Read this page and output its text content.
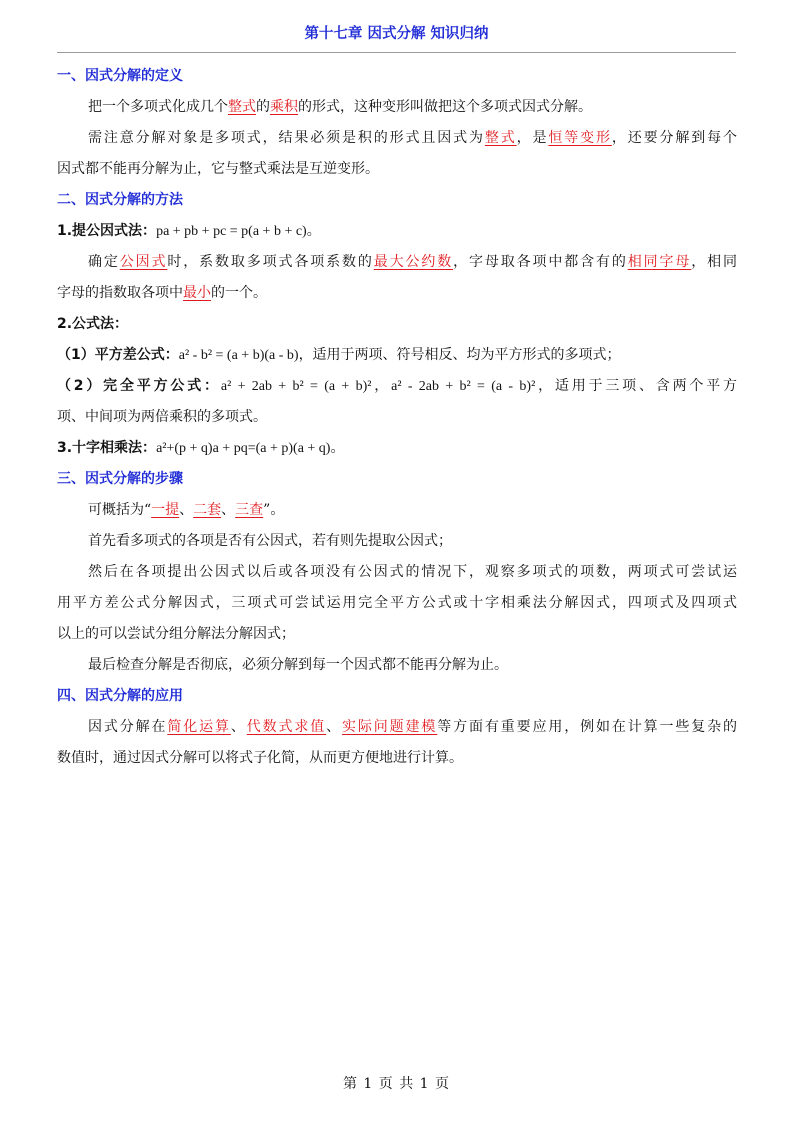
第十七章 因式分解 知识归纳
一、因式分解的定义
把一个多项式化成几个整式的乘积的形式，这种变形叫做把这个多项式因式分解。
需注意分解对象是多项式，结果必须是积的形式且因式为整式，是恒等变形，还要分解到每个
因式都不能再分解为止，它与整式乘法是互逆变形。
二、因式分解的方法
1.提公因式法：pa + pb + pc = p(a + b + c)。
确定公因式时，系数取多项式各项系数的最大公约数，字母取各项中都含有的相同字母，相同
字母的指数取各项中最小的一个。
2.公式法：
（1）平方差公式：a² - b² = (a + b)(a - b)，适用于两项、符号相反、均为平方形式的多项式；
（2）完全平方公式：a² + 2ab + b² = (a + b)²，a² - 2ab + b² = (a - b)²，适用于三项、含两个平方
项、中间项为两倍乘积的多项式。
3.十字相乘法：a²+(p + q)a + pq=(a + p)(a + q)。
三、因式分解的步骤
可概括为“一提、二套、三查”。
首先看多项式的各项是否有公因式，若有则先提取公因式；
然后在各项提出公因式以后或各项没有公因式的情况下，观察多项式的项数，两项式可尝试运
用平方差公式分解因式，三项式可尝试运用完全平方公式或十字相乘法分解因式，四项式及四项式
以上的可以尝试分组分解法分解因式；
最后检查分解是否彻底，必须分解到每一个因式都不能再分解为止。
四、因式分解的应用
因式分解在简化运算、代数式求值、实际问题建模等方面有重要应用，例如在计算一些复杂的
数值时，通过因式分解可以将式子化简，从而更方便地进行计算。
第 1 页 共 1 页
